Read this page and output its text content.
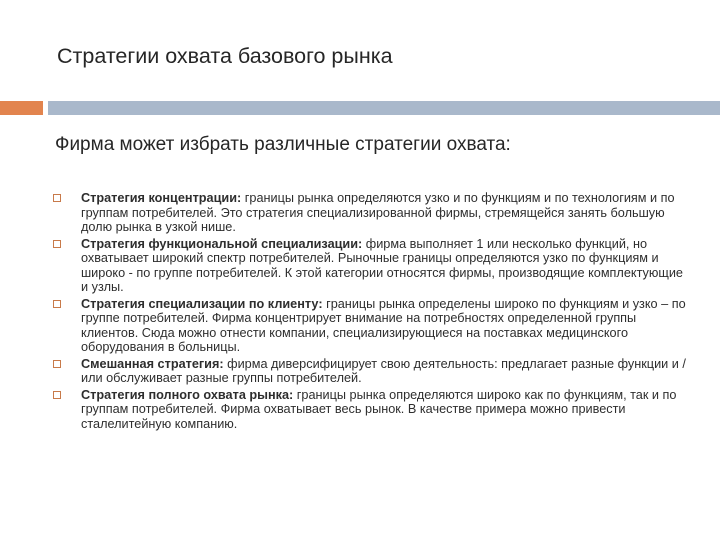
Стратегии охвата базового рынка

Фирма может избрать различные стратегии охвата:

Стратегия концентрации: границы рынка определяются узко и по функциям и по технологиям и по группам потребителей. Это стратегия специализированной фирмы, стремящейся занять большую долю рынка в узкой нише.
Стратегия функциональной специализации: фирма выполняет 1 или несколько функций, но охватывает широкий спектр потребителей. Рыночные границы определяются узко по функциям и широко - по группе потребителей. К этой категории относятся фирмы, производящие комплектующие и узлы.
Стратегия специализации по клиенту: границы рынка определены широко по функциям и узко – по группе потребителей. Фирма концентрирует внимание на потребностях определенной группы клиентов. Сюда можно отнести компании, специализирующиеся на поставках медицинского оборудования в больницы.
Смешанная стратегия: фирма диверсифицирует свою деятельность: предлагает разные функции и / или обслуживает разные группы потребителей.
Стратегия полного охвата рынка: границы рынка определяются широко как по функциям, так и по группам потребителей. Фирма охватывает весь рынок. В качестве примера можно привести сталелитейную компанию.
